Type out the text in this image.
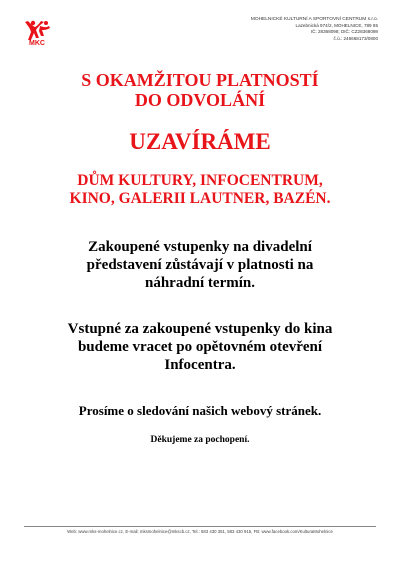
MKC
MOHELNICKÉ KULTURNÍ A SPORTOVNÍ CENTRUM s.r.o.
Lazebnická 974/2, MOHELNICE, 789 85
IČ: 28368098; DIČ: CZ28368098
č.ú.: 246668173/0800

S OKAMŽITOU PLATNOSTÍ
DO ODVOLÁNÍ

UZAVÍRÁME

DŮM KULTURY, INFOCENTRUM,
KINO, GALERII LAUTNER, BAZÉN.

Zakoupené vstupenky na divadelní
představení zůstávají v platnosti na
náhradní termín.

Vstupné za zakoupené vstupenky do kina
budeme vracet po opětovném otevření
Infocentra.

Prosíme o sledování našich webový stránek.

Děkujeme za pochopení.

Web: www.mks-mohelnice.cz, E-mail: mksmohelnice@mkscb.cz, Tel.: 583 430 351, 583 430 915, FB: www.facebook.com/KulturaMohelnice
